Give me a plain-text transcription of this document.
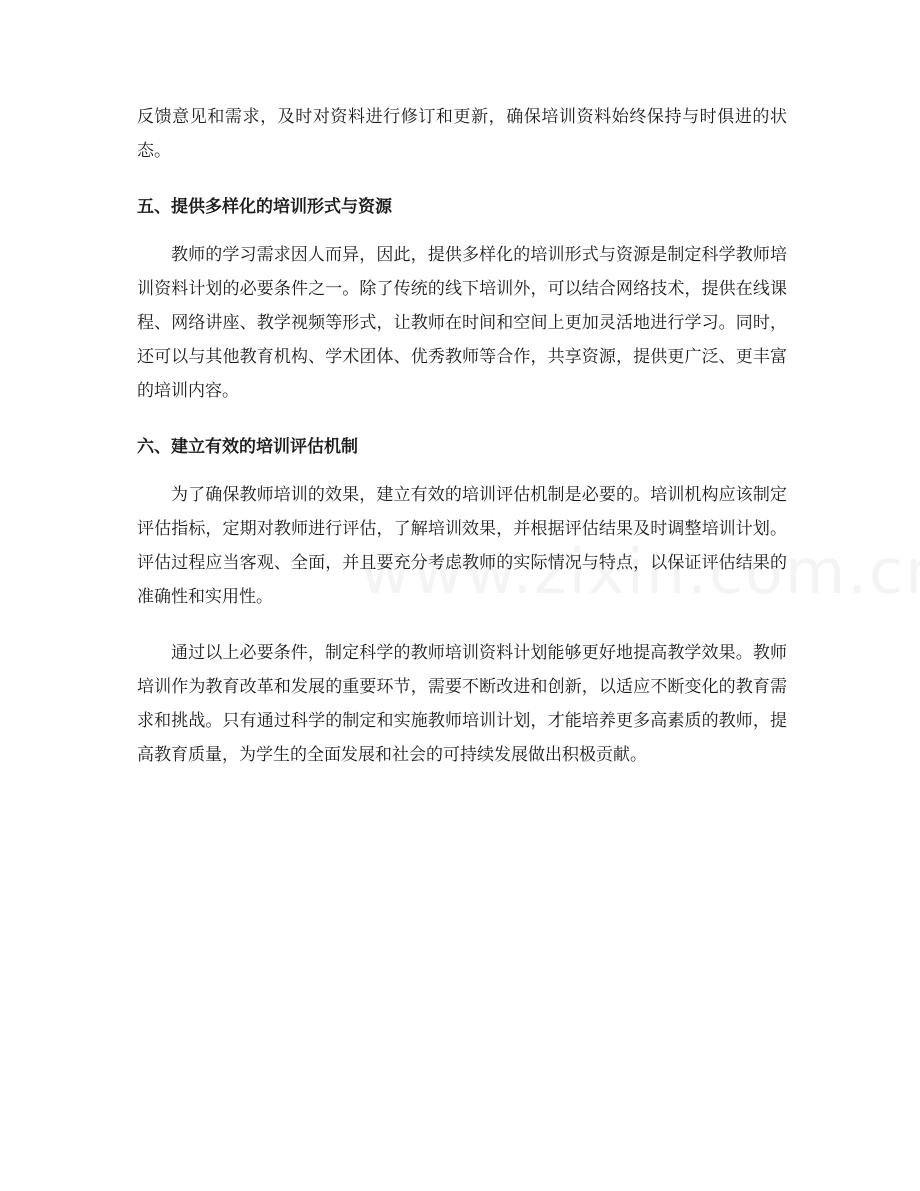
反馈意见和需求，及时对资料进行修订和更新，确保培训资料始终保持与时俱进的状态。

五、提供多样化的培训形式与资源

教师的学习需求因人而异，因此，提供多样化的培训形式与资源是制定科学教师培训资料计划的必要条件之一。除了传统的线下培训外，可以结合网络技术，提供在线课程、网络讲座、教学视频等形式，让教师在时间和空间上更加灵活地进行学习。同时，还可以与其他教育机构、学术团体、优秀教师等合作，共享资源，提供更广泛、更丰富的培训内容。

六、建立有效的培训评估机制

为了确保教师培训的效果，建立有效的培训评估机制是必要的。培训机构应该制定评估指标，定期对教师进行评估，了解培训效果，并根据评估结果及时调整培训计划。评估过程应当客观、全面，并且要充分考虑教师的实际情况与特点，以保证评估结果的准确性和实用性。

通过以上必要条件，制定科学的教师培训资料计划能够更好地提高教学效果。教师培训作为教育改革和发展的重要环节，需要不断改进和创新，以适应不断变化的教育需求和挑战。只有通过科学的制定和实施教师培训计划，才能培养更多高素质的教师，提高教育质量，为学生的全面发展和社会的可持续发展做出积极贡献。
